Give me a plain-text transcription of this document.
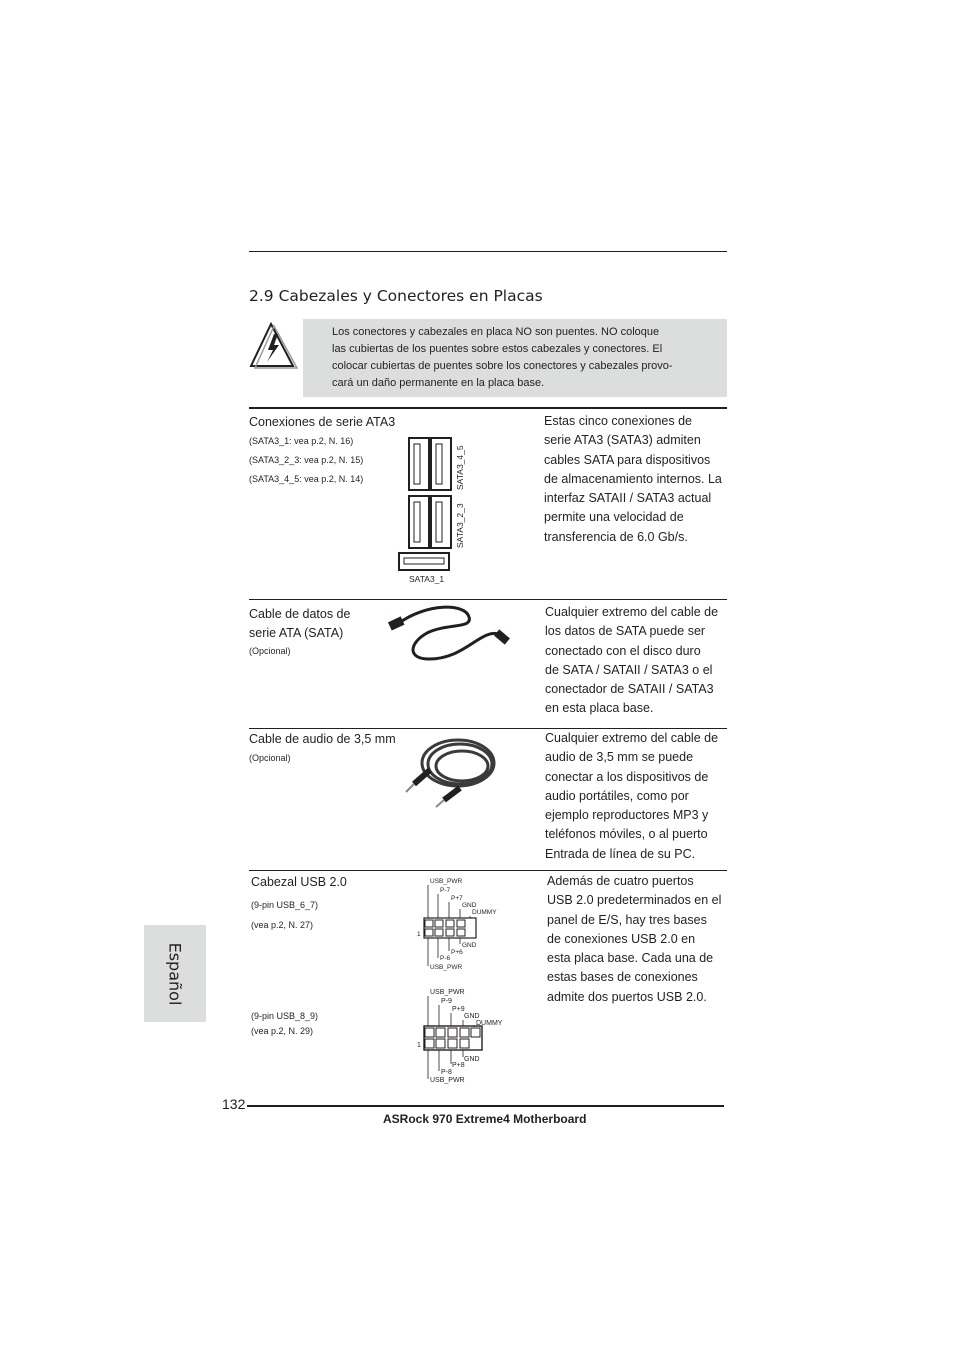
2.9 Cabezales y Conectores en Placas
Los conectores y cabezales en placa NO son puentes. NO coloque
las cubiertas de los puentes sobre estos cabezales y conectores. El
colocar cubiertas de puentes sobre los conectores y cabezales provo-
cará un daño permanente en la placa base.
Conexiones de serie ATA3
(SATA3_1: vea p.2, N. 16)
(SATA3_2_3: vea p.2, N. 15)
(SATA3_4_5: vea p.2, N. 14)	SATA3_4_5
SATA3_2_3
SATA3_1
Estas cinco conexiones de
serie ATA3 (SATA3) admiten
cables SATA para dispositivos
de almacenamiento internos. La
interfaz SATAII / SATA3 actual
permite una velocidad de
transferencia de 6.0 Gb/s.
Cable de datos de
serie ATA (SATA)
(Opcional)
Cualquier extremo del cable de
los datos de SATA puede ser
conectado con el disco duro
de SATA / SATAII / SATA3 o el
conectador de SATAII / SATA3
en esta placa base.
Cable de audio de 3,5 mm
(Opcional)
Cualquier extremo del cable de
audio de 3,5 mm se puede
conectar a los dispositivos de
audio portátiles, como por
ejemplo reproductores MP3 y
teléfonos móviles, o al puerto
Entrada de línea de su PC.
Cabezal USB 2.0
(9-pin USB_6_7)
(vea p.2, N. 27)
(9-pin USB_8_9)
(vea p.2, N. 29)
USB_PWR
P-7
P+7
GND
DUMMY
GND
P+6
P-6
USB_PWR
1
USB_PWR
P-9
P+9
GND
DUMMY
GND
P+8
P-8
USB_PWR
1
Además de cuatro puertos
USB 2.0 predeterminados en el
panel de E/S, hay tres bases
de conexiones USB 2.0 en
esta placa base. Cada una de
estas bases de conexiones
admite dos puertos USB 2.0.
Español
132
ASRock 970 Extreme4 Motherboard
